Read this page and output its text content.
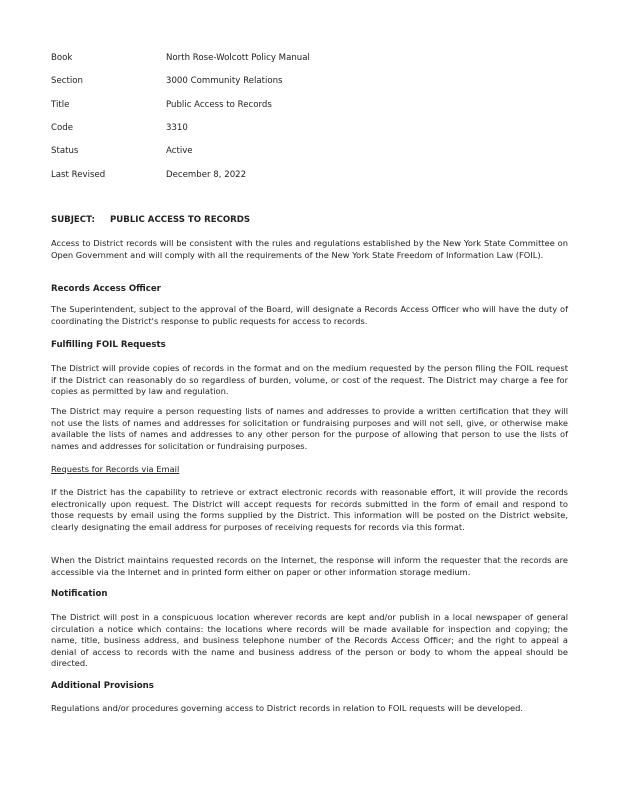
Book	North Rose-Wolcott Policy Manual
Section	3000 Community Relations
Title	Public Access to Records
Code	3310
Status	Active
Last Revised	December 8, 2022
SUBJECT: PUBLIC ACCESS TO RECORDS
Access to District records will be consistent with the rules and regulations established by the New York State Committee on Open Government and will comply with all the requirements of the New York State Freedom of Information Law (FOIL).
Records Access Officer
The Superintendent, subject to the approval of the Board, will designate a Records Access Officer who will have the duty of coordinating the District's response to public requests for access to records.
Fulfilling FOIL Requests
The District will provide copies of records in the format and on the medium requested by the person filing the FOIL request if the District can reasonably do so regardless of burden, volume, or cost of the request. The District may charge a fee for copies as permitted by law and regulation.
The District may require a person requesting lists of names and addresses to provide a written certification that they will not use the lists of names and addresses for solicitation or fundraising purposes and will not sell, give, or otherwise make available the lists of names and addresses to any other person for the purpose of allowing that person to use the lists of names and addresses for solicitation or fundraising purposes.
Requests for Records via Email
If the District has the capability to retrieve or extract electronic records with reasonable effort, it will provide the records electronically upon request. The District will accept requests for records submitted in the form of email and respond to those requests by email using the forms supplied by the District. This information will be posted on the District website, clearly designating the email address for purposes of receiving requests for records via this format.
When the District maintains requested records on the Internet, the response will inform the requester that the records are accessible via the Internet and in printed form either on paper or other information storage medium.
Notification
The District will post in a conspicuous location wherever records are kept and/or publish in a local newspaper of general circulation a notice which contains: the locations where records will be made available for inspection and copying; the name, title, business address, and business telephone number of the Records Access Officer; and the right to appeal a denial of access to records with the name and business address of the person or body to whom the appeal should be directed.
Additional Provisions
Regulations and/or procedures governing access to District records in relation to FOIL requests will be developed.
